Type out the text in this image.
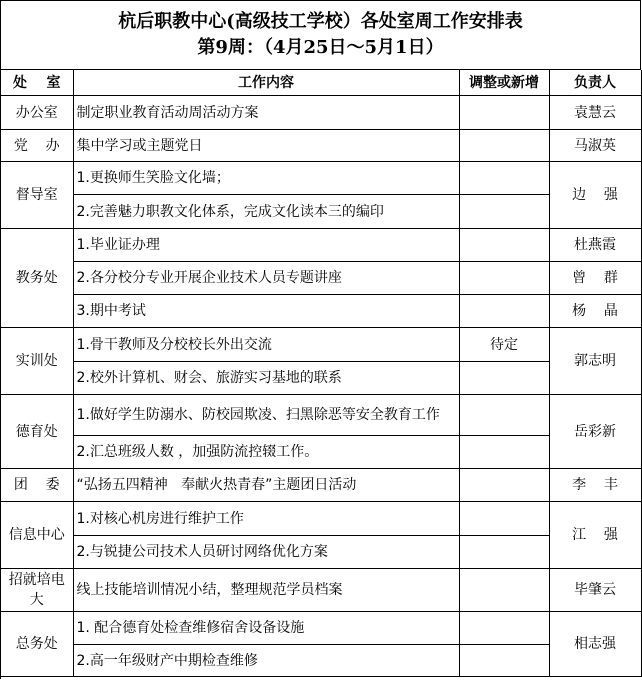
杭后职教中心(高级技工学校）各处室周工作安排表
第9周：（4月25日～5月1日）
处    室	工作内容	调整或新增	负责人
办公室	制定职业教育活动周活动方案		袁慧云
党    办	集中学习或主题党日		马淑英
督导室	1.更换师生笑脸文化墙；		边    强
	2.完善魅力职教文化体系，完成文化读本三的编印		
教务处	1.毕业证办理		杜燕霞
	2.各分校分专业开展企业技术人员专题讲座		曾    群
	3.期中考试		杨    晶
实训处	1.骨干教师及分校校长外出交流	待定	郭志明
	2.校外计算机、财会、旅游实习基地的联系		
德育处	1.做好学生防溺水、防校园欺凌、扫黑除恶等安全教育工作		岳彩新
	2.汇总班级人数 ，加强防流控辍工作。		
团    委	“弘扬五四精神   奉献火热青春”主题团日活动		李    丰
信息中心	1.对核心机房进行维护工作		江    强
	2.与锐捷公司技术人员研讨网络优化方案		
招就培电    大	线上技能培训情况小结，整理规范学员档案		毕肇云
总务处	1. 配合德育处检查维修宿舍设备设施		相志强
	2.高一年级财产中期检查维修		
